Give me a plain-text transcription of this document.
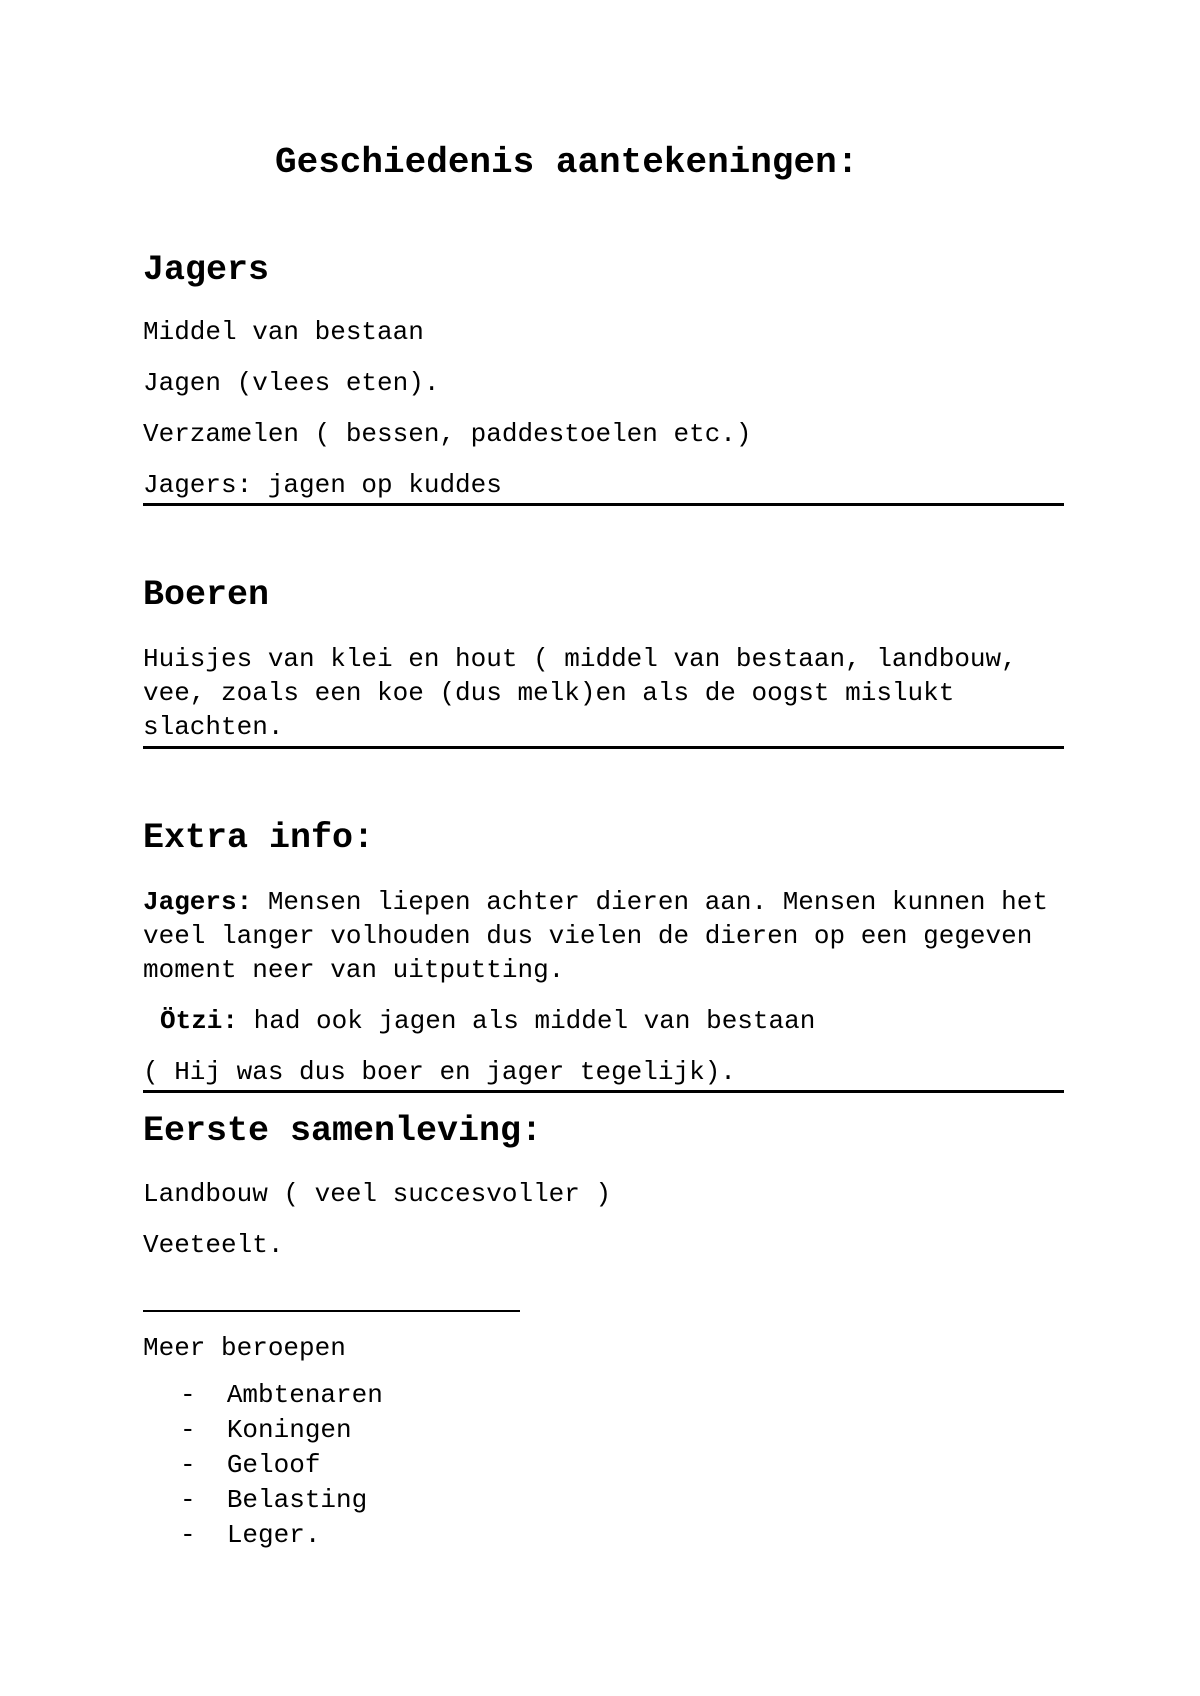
Geschiedenis aantekeningen:
Jagers
Middel van bestaan
Jagen (vlees eten).
Verzamelen ( bessen, paddestoelen etc.)
Jagers: jagen op kuddes
Boeren
Huisjes van klei en hout ( middel van bestaan, landbouw, vee, zoals een koe (dus melk)en als de oogst mislukt slachten.
Extra info:
Jagers: Mensen liepen achter dieren aan. Mensen kunnen het veel langer volhouden dus vielen de dieren op een gegeven moment neer van uitputting.
Ötzi: had ook jagen als middel van bestaan
( Hij was dus boer en jager tegelijk).
Eerste samenleving:
Landbouw ( veel succesvoller )
Veeteelt.
Meer beroepen
-  Ambtenaren
-  Koningen
-  Geloof
-  Belasting
-  Leger.
